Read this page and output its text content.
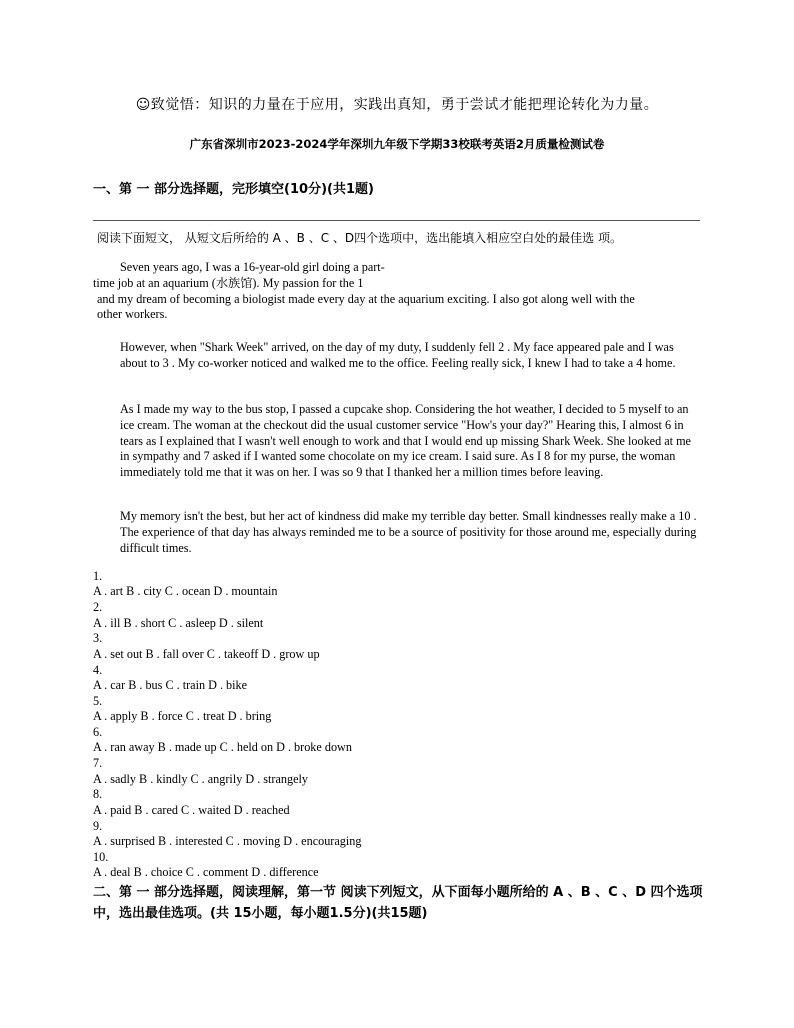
☺致觉悟：知识的力量在于应用，实践出真知，勇于尝试才能把理论转化为力量。
广东省深圳市2023-2024学年深圳九年级下学期33校联考英语2月质量检测试卷
一、第 一 部分选择题，完形填空(10分)(共1题)
阅读下面短文， 从短文后所给的 A 、B 、C 、D四个选项中，选出能填入相应空白处的最佳选 项。

Seven years ago, I was a 16-year-old girl doing a part-

time job at an aquarium (水族馆). My passion for the 1

and my dream of becoming a biologist made every day at the aquarium exciting. I also got along well with the

other workers.

However, when "Shark Week" arrived, on the day of my duty, I suddenly fell 2 . My face appeared pale and I was about to 3 . My co-worker noticed and walked me to the office. Feeling really sick, I knew I had to take a 4 home.

As I made my way to the bus stop, I passed a cupcake shop. Considering the hot weather, I decided to 5 myself to an ice cream. The woman at the checkout did the usual customer service "How's your day?" Hearing this, I almost 6 in tears as I explained that I wasn't well enough to work and that I would end up missing Shark Week. She looked at me in sympathy and 7 asked if I wanted some chocolate on my ice cream. I said sure. As I 8 for my purse, the woman immediately told me that it was on her. I was so 9 that I thanked her a million times before leaving.

My memory isn't the best, but her act of kindness did make my terrible day better. Small kindnesses really make a 10 . The experience of that day has always reminded me to be a source of positivity for those around me, especially during difficult times.

1.
A . art B . city C . ocean D . mountain
2.
A . ill B . short C . asleep D . silent
3.
A . set out B . fall over C . takeoff D . grow up
4.
A . car B . bus C . train D . bike
5.
A . apply B . force C . treat D . bring
6.
A . ran away B . made up C . held on D . broke down
7.
A . sadly B . kindly C . angrily D . strangely
8.
A . paid B . cared C . waited D . reached
9.
A . surprised B . interested C . moving D . encouraging
10.
A . deal B . choice C . comment D . difference
二、第 一 部分选择题，阅读理解，第一节 阅读下列短文，从下面每小题所给的 A 、B 、C 、D 四个选项中，选出最佳选项。(共 15小题，每小题1.5分)(共15题)
